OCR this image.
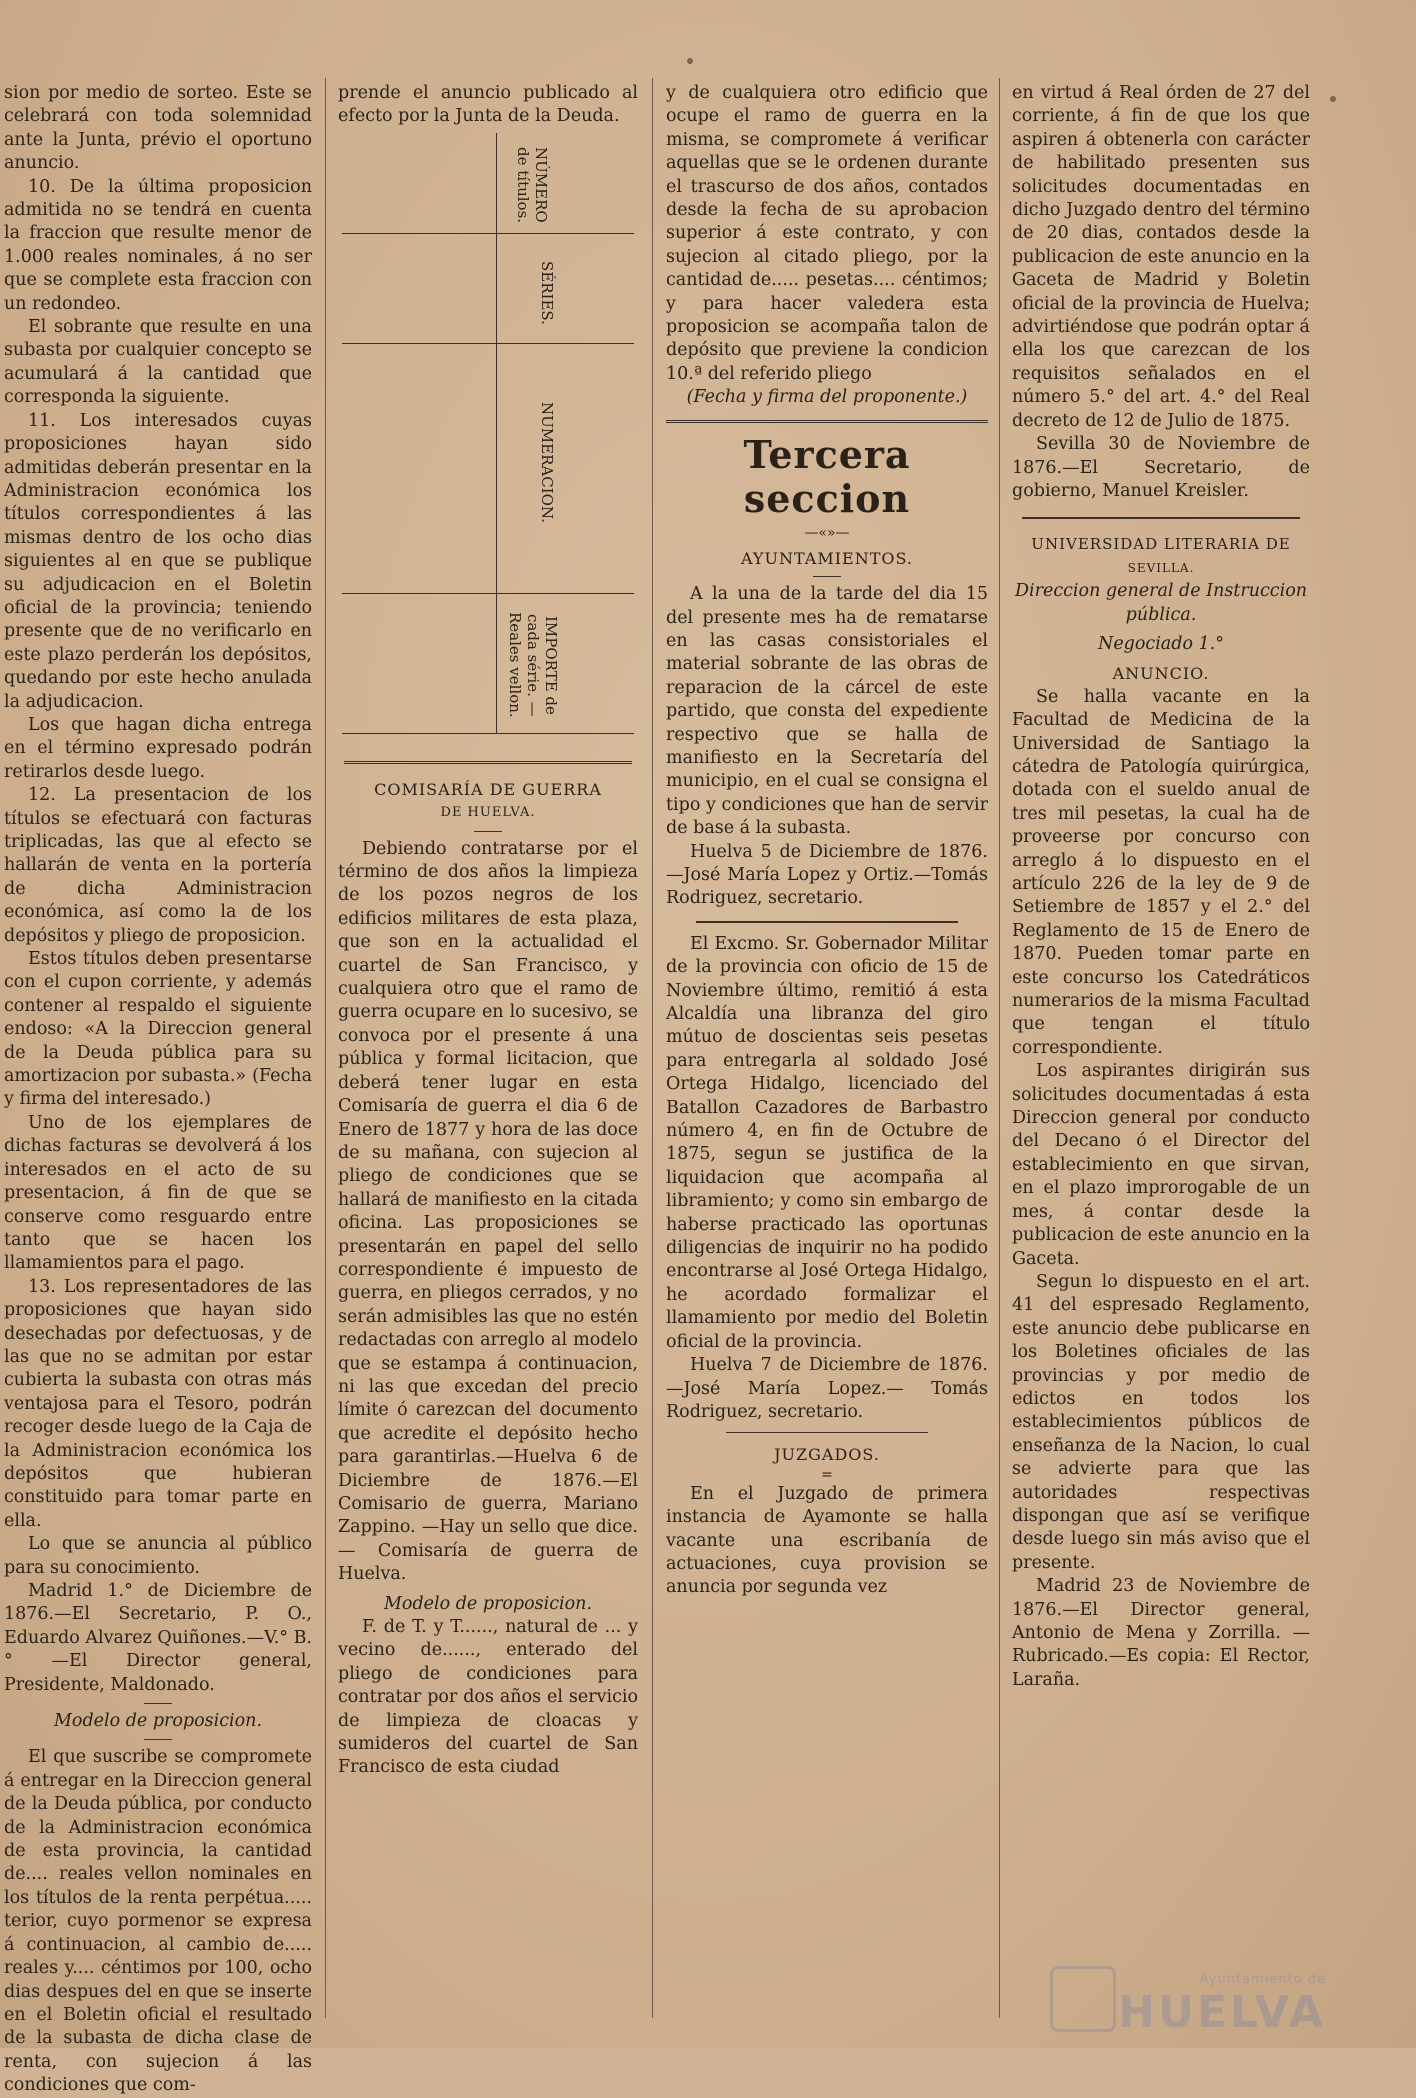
sion por medio de sorteo. Este se celebrará con toda solemnidad ante la Junta, prévio el oportuno anuncio.

10. De la última proposicion admitida no se tendrá en cuenta la fraccion que resulte menor de 1.000 reales nominales, á no ser que se complete esta fraccion con un redondeo.

El sobrante que resulte en una subasta por cualquier concepto se acumulará á la cantidad que corresponda la siguiente.

11. Los interesados cuyas proposiciones hayan sido admitidas deberán presentar en la Administracion económica los títulos correspondientes á las mismas dentro de los ocho dias siguientes al en que se publique su adjudicacion en el Boletin oficial de la provincia; teniendo presente que de no verificarlo en este plazo perderán los depósitos, quedando por este hecho anulada la adjudicacion.

Los que hagan dicha entrega en el término expresado podrán retirarlos desde luego.

12. La presentacion de los títulos se efectuará con facturas triplicadas, las que al efecto se hallarán de venta en la portería de dicha Administracion económica, así como la de los depósitos y pliego de proposicion.

Estos títulos deben presentarse con el cupon corriente, y además contener al respaldo el siguiente endoso: «A la Direccion general de la Deuda pública para su amortizacion por subasta.» (Fecha y firma del interesado.)

Uno de los ejemplares de dichas facturas se devolverá á los interesados en el acto de su presentacion, á fin de que se conserve como resguardo entre tanto que se hacen los llamamientos para el pago.

13. Los representadores de las proposiciones que hayan sido desechadas por defectuosas, y de las que no se admitan por estar cubierta la subasta con otras más ventajosa para el Tesoro, podrán recoger desde luego de la Caja de la Administracion económica los depósitos que hubieran constituido para tomar parte en ella.

Lo que se anuncia al público para su conocimiento.

Madrid 1.° de Diciembre de 1876.—El Secretario, P. O., Eduardo Alvarez Quiñones.—V.° B.° —El Director general, Presidente, Maldonado.

Modelo de proposicion.

El que suscribe se compromete á entregar en la Direccion general de la Deuda pública, por conducto de la Administracion económica de esta provincia, la cantidad de.... reales vellon nominales en los títulos de la renta perpétua..... terior, cuyo pormenor se expresa á continuacion, al cambio de..... reales y.... céntimos por 100, ocho dias despues del en que se inserte en el Boletin oficial el resultado de la subasta de dicha clase de renta, con sujecion á las condiciones que com-

prende el anuncio publicado al efecto por la Junta de la Deuda.

NÚMERO de títulos.
SÉRIES.
NUMERACION.
IMPORTE de cada série. — Reales vellon.

COMISARÍA DE GUERRA

DE HUELVA.

Debiendo contratarse por el término de dos años la limpieza de los pozos negros de los edificios militares de esta plaza, que son en la actualidad el cuartel de San Francisco, y cualquiera otro que el ramo de guerra ocupare en lo sucesivo, se convoca por el presente á una pública y formal licitacion, que deberá tener lugar en esta Comisaría de guerra el dia 6 de Enero de 1877 y hora de las doce de su mañana, con sujecion al pliego de condiciones que se hallará de manifiesto en la citada oficina. Las proposiciones se presentarán en papel del sello correspondiente é impuesto de guerra, en pliegos cerrados, y no serán admisibles las que no estén redactadas con arreglo al modelo que se estampa á continuacion, ni las que excedan del precio límite ó carezcan del documento que acredite el depósito hecho para garantirlas.—Huelva 6 de Diciembre de 1876.—El Comisario de guerra, Mariano Zappino. —Hay un sello que dice.— Comisaría de guerra de Huelva.

Modelo de proposicion.

F. de T. y T......, natural de ... y vecino de......, enterado del pliego de condiciones para contratar por dos años el servicio de limpieza de cloacas y sumideros del cuartel de San Francisco de esta ciudad

y de cualquiera otro edificio que ocupe el ramo de guerra en la misma, se compromete á verificar aquellas que se le ordenen durante el trascurso de dos años, contados desde la fecha de su aprobacion superior á este contrato, y con sujecion al citado pliego, por la cantidad de..... pesetas.... céntimos; y para hacer valedera esta proposicion se acompaña talon de depósito que previene la condicion 10.ª del referido pliego

(Fecha y firma del proponente.)

Tercera seccion
—«»—

AYUNTAMIENTOS.

A la una de la tarde del dia 15 del presente mes ha de rematarse en las casas consistoriales el material sobrante de las obras de reparacion de la cárcel de este partido, que consta del expediente respectivo que se halla de manifiesto en la Secretaría del municipio, en el cual se consigna el tipo y condiciones que han de servir de base á la subasta.

Huelva 5 de Diciembre de 1876.—José María Lopez y Ortiz.—Tomás Rodriguez, secretario.

El Excmo. Sr. Gobernador Militar de la provincia con oficio de 15 de Noviembre último, remitió á esta Alcaldía una libranza del giro mútuo de doscientas seis pesetas para entregarla al soldado José Ortega Hidalgo, licenciado del Batallon Cazadores de Barbastro número 4, en fin de Octubre de 1875, segun se justifica de la liquidacion que acompaña al libramiento; y como sin embargo de haberse practicado las oportunas diligencias de inquirir no ha podido encontrarse al José Ortega Hidalgo, he acordado formalizar el llamamiento por medio del Boletin oficial de la provincia.

Huelva 7 de Diciembre de 1876.—José María Lopez.— Tomás Rodriguez, secretario.

JUZGADOS.

=

En el Juzgado de primera instancia de Ayamonte se halla vacante una escribanía de actuaciones, cuya provision se anuncia por segunda vez

en virtud á Real órden de 27 del corriente, á fin de que los que aspiren á obtenerla con carácter de habilitado presenten sus solicitudes documentadas en dicho Juzgado dentro del término de 20 dias, contados desde la publicacion de este anuncio en la Gaceta de Madrid y Boletin oficial de la provincia de Huelva; advirtiéndose que podrán optar á ella los que carezcan de los requisitos señalados en el número 5.° del art. 4.° del Real decreto de 12 de Julio de 1875.

Sevilla 30 de Noviembre de 1876.—El Secretario, de gobierno, Manuel Kreisler.

UNIVERSIDAD LITERARIA DE

SEVILLA.

Direccion general de Instruccion pública.

Negociado 1.°

ANUNCIO.

Se halla vacante en la Facultad de Medicina de la Universidad de Santiago la cátedra de Patología quirúrgica, dotada con el sueldo anual de tres mil pesetas, la cual ha de proveerse por concurso con arreglo á lo dispuesto en el artículo 226 de la ley de 9 de Setiembre de 1857 y el 2.° del Reglamento de 15 de Enero de 1870. Pueden tomar parte en este concurso los Catedráticos numerarios de la misma Facultad que tengan el título correspondiente.

Los aspirantes dirigirán sus solicitudes documentadas á esta Direccion general por conducto del Decano ó el Director del establecimiento en que sirvan, en el plazo improrogable de un mes, á contar desde la publicacion de este anuncio en la Gaceta.

Segun lo dispuesto en el art. 41 del espresado Reglamento, este anuncio debe publicarse en los Boletines oficiales de las provincias y por medio de edictos en todos los establecimientos públicos de enseñanza de la Nacion, lo cual se advierte para que las autoridades respectivas dispongan que así se verifique desde luego sin más aviso que el presente.

Madrid 23 de Noviembre de 1876.—El Director general, Antonio de Mena y Zorrilla. —Rubricado.—Es copia: El Rector, Laraña.

Ayuntamiento de
HUELVA
